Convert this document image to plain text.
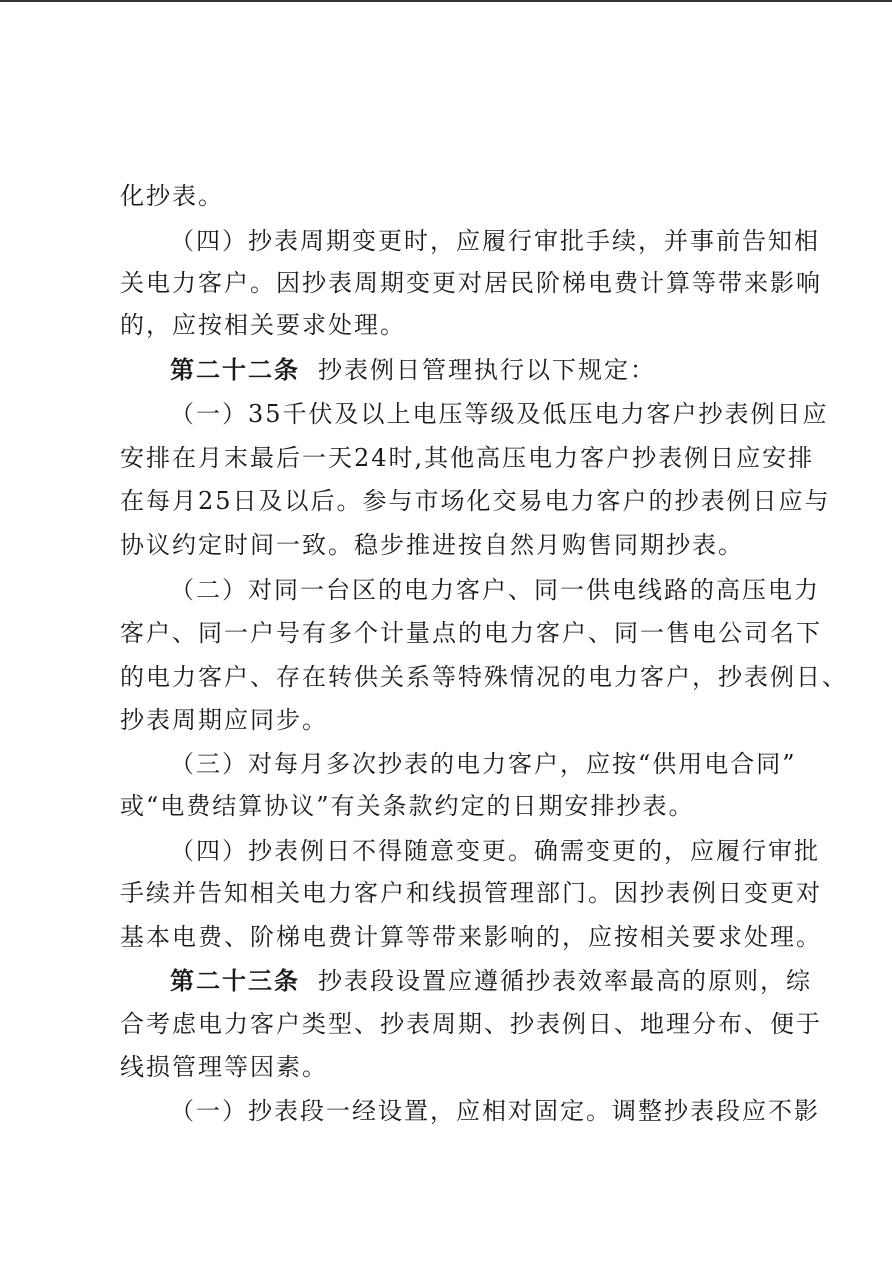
化抄表。
（四）抄表周期变更时，应履行审批手续，并事前告知相
关电力客户。因抄表周期变更对居民阶梯电费计算等带来影响
的，应按相关要求处理。
第二十二条 抄表例日管理执行以下规定：
（一）35千伏及以上电压等级及低压电力客户抄表例日应
安排在月末最后一天24时,其他高压电力客户抄表例日应安排
在每月25日及以后。参与市场化交易电力客户的抄表例日应与
协议约定时间一致。稳步推进按自然月购售同期抄表。
（二）对同一台区的电力客户、同一供电线路的高压电力
客户、同一户号有多个计量点的电力客户、同一售电公司名下
的电力客户、存在转供关系等特殊情况的电力客户，抄表例日、
抄表周期应同步。
（三）对每月多次抄表的电力客户，应按“供用电合同”
或“电费结算协议”有关条款约定的日期安排抄表。
（四）抄表例日不得随意变更。确需变更的，应履行审批
手续并告知相关电力客户和线损管理部门。因抄表例日变更对
基本电费、阶梯电费计算等带来影响的，应按相关要求处理。
第二十三条 抄表段设置应遵循抄表效率最高的原则，综
合考虑电力客户类型、抄表周期、抄表例日、地理分布、便于
线损管理等因素。
（一）抄表段一经设置，应相对固定。调整抄表段应不影
